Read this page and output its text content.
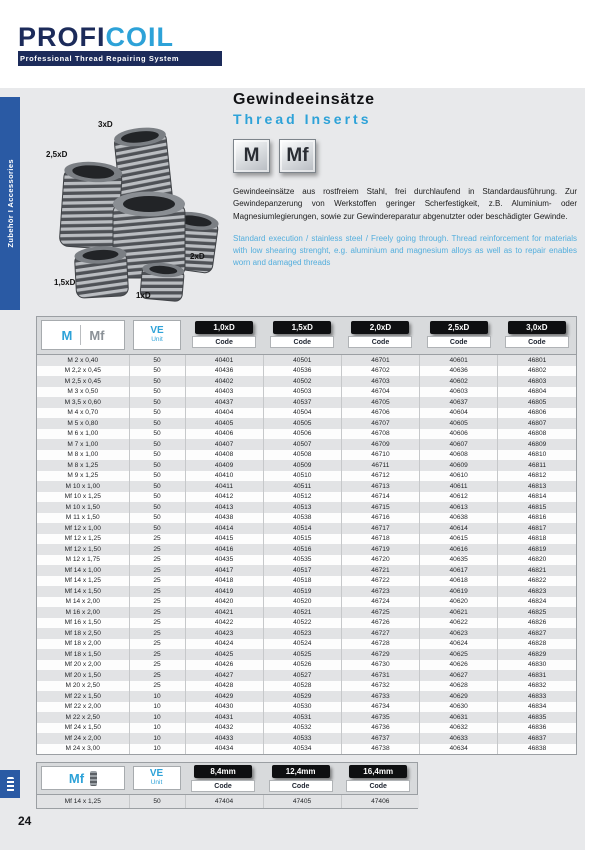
PROFICOIL
Professional Thread Repairing System
Zubehör I Accessories
3xD
2,5xD
2xD
1,5xD
1xD
Gewindeeinsätze
Thread Inserts
M	Mf
Gewindeeinsätze aus rostfreiem Stahl, frei durchlaufend in Standardausführung. Zur Gewindepanzerung von Werkstoffen geringer Scherfestigkeit, z.B. Aluminium- oder Magnesiumlegierungen, sowie zur Gewindereparatur abgenutzter oder beschädigter Gewinde.
Standard execution / stainless steel / Freely going through. Thread reinforcement for materials with low shearing strenght, e.g. aluminium and magnesium alloys as well as to repair enables worn and damaged threads
M Mf	VE
Unit
1,0xD
Code
1,5xD
Code
2,0xD
Code
2,5xD
Code
3,0xD
Code
M 2 x 0,40	50	40401	40501	46701	40601	46801
M 2,2 x 0,45	50	40436	40536	46702	40636	46802
M 2,5 x 0,45	50	40402	40502	46703	40602	46803
M 3 x 0,50	50	40403	40503	46704	40603	46804
M 3,5 x 0,60	50	40437	40537	46705	40637	46805
M 4 x 0,70	50	40404	40504	46706	40604	46806
M 5 x 0,80	50	40405	40505	46707	40605	46807
M 6 x 1,00	50	40406	40506	46708	40606	46808
M 7 x 1,00	50	40407	40507	46709	40607	46809
M 8 x 1,00	50	40408	40508	46710	40608	46810
M 8 x 1,25	50	40409	40509	46711	40609	46811
M 9 x 1,25	50	40410	40510	46712	40610	46812
M 10 x 1,00	50	40411	40511	46713	40611	46813
Mf 10 x 1,25	50	40412	40512	46714	40612	46814
M 10 x 1,50	50	40413	40513	46715	40613	46815
M 11 x 1,50	50	40438	40538	46716	40638	46816
Mf 12 x 1,00	50	40414	40514	46717	40614	46817
Mf 12 x 1,25	25	40415	40515	46718	40615	46818
Mf 12 x 1,50	25	40416	40516	46719	40616	46819
M 12 x 1,75	25	40435	40535	46720	40635	46820
Mf 14 x 1,00	25	40417	40517	46721	40617	46821
Mf 14 x 1,25	25	40418	40518	46722	40618	46822
Mf 14 x 1,50	25	40419	40519	46723	40619	46823
M 14 x 2,00	25	40420	40520	46724	40620	46824
M 16 x 2,00	25	40421	40521	46725	40621	46825
Mf 16 x 1,50	25	40422	40522	46726	40622	46826
Mf 18 x 2,50	25	40423	40523	46727	40623	46827
Mf 18 x 2,00	25	40424	40524	46728	40624	46828
Mf 18 x 1,50	25	40425	40525	46729	40625	46829
Mf 20 x 2,00	25	40426	40526	46730	40626	46830
Mf 20 x 1,50	25	40427	40527	46731	40627	46831
M 20 x 2,50	25	40428	40528	46732	40628	46832
Mf 22 x 1,50	10	40429	40529	46733	40629	46833
Mf 22 x 2,00	10	40430	40530	46734	40630	46834
M 22 x 2,50	10	40431	40531	46735	40631	46835
Mf 24 x 1,50	10	40432	40532	46736	40632	46836
Mf 24 x 2,00	10	40433	40533	46737	40633	46837
M 24 x 3,00	10	40434	40534	46738	40634	46838
Mf	VE
Unit
8,4mm
Code
12,4mm
Code
16,4mm
Code
Mf 14 x 1,25	50	47404	47405	47406
24
